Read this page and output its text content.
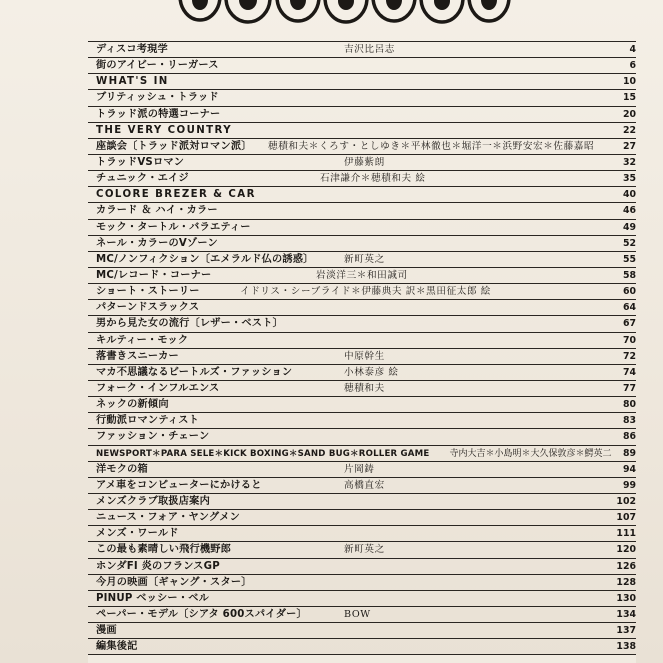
ディスコ考現学	吉沢比呂志	4
街のアイビー・リーガース	6
WHAT'S IN	10
ブリティッシュ・トラッド	15
トラッド派の特選コーナー	20
THE VERY COUNTRY	22
座談会〔トラッド派対ロマン派〕 穂積和夫＊くろす・としゆき＊平林徹也＊堀洋一＊浜野安宏＊佐藤嘉昭	27
トラッドVSロマン	伊藤紫朗	32
チュニック・エイジ	石津謙介＊穂積和夫 絵	35
COLORE BREZER & CAR	40
カラード ＆ ハイ・カラー	46
モック・タートル・バラエティー	49
ネール・カラーのVゾーン	52
MC/ノンフィクション〔エメラルド仏の誘惑〕	新町英之	55
MC/レコード・コーナー	岩淡洋三＊和田誠司	58
ショート・ストーリー	イドリス・シーブライド＊伊藤典夫 訳＊黒田征太郎 絵	60
パターンドスラックス	64
男から見た女の流行〔レザー・ベスト〕	67
キルティー・モック	70
落書きスニーカー	中原幹生	72
マカ不思議なるビートルズ・ファッション	小林泰彦 絵	74
フォーク・インフルエンス	穂積和夫	77
ネックの新傾向	80
行動派ロマンティスト	83
ファッション・チェーン	86
NEWSPORT＊PARA SELE＊KICK BOXING＊SAND BUG＊ROLLER GAME 寺内大吉＊小島明＊大久保敦彦＊鰐英二	89
洋モクの箱	片岡鋳	94
アメ車をコンピューターにかけると	高橋直宏	99
メンズクラブ取扱店案内	102
ニュース・フォア・ヤングメン	107
メンズ・ワールド	111
この最も素晴しい飛行機野郎	新町英之	120
ホンダFI 炎のフランスGP	126
今月の映画〔ギャング・スター〕	128
PINUP ベッシー・ベル	130
ペーパー・モデル〔シアタ 600スパイダー〕	BOW	134
漫画	137
編集後記	138
